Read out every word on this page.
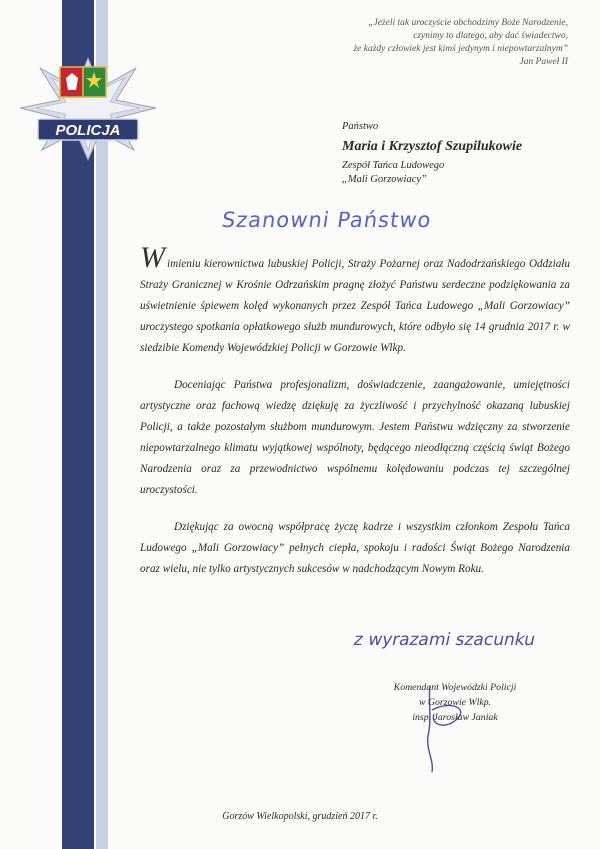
POLICJA
„Jeżeli tak uroczyście obchodzimy Boże Narodzenie,
czynimy to dlatego, aby dać świadectwo,
że każdy człowiek jest kimś jedynym i niepowtarzalnym”
Jan Paweł II
Państwo
Maria i Krzysztof Szupilukowie
Zespół Tańca Ludowego
„Mali Gorzowiacy”
Szanowni Państwo

Wimieniu kierownictwa lubuskiej Policji, Straży Pożarnej oraz Nadodrzańskiego Oddziału Straży Granicznej w Krośnie Odrzańskim pragnę złożyć Państwu serdeczne podziękowania za uświetnienie śpiewem kolęd wykonanych przez Zespół Tańca Ludowego „Mali Gorzowiacy” uroczystego spotkania opłatkowego służb mundurowych, które odbyło się 14 grudnia 2017 r. w siedzibie Komendy Wojewódzkiej Policji w Gorzowie Wlkp.

Doceniając Państwa profesjonalizm, doświadczenie, zaangażowanie, umiejętności artystyczne oraz fachową wiedzę dziękuję za życzliwość i przychylność okazaną lubuskiej Policji, a także pozostałym służbom mundurowym. Jestem Państwu wdzięczny za stworzenie niepowtarzalnego klimatu wyjątkowej wspólnoty, będącego nieodłączną częścią świąt Bożego Narodzenia oraz za przewodnictwo wspólnemu kolędowaniu podczas tej szczególnej uroczystości.

Dziękując za owocną współpracę życzę kadrze i wszystkim członkom Zespołu Tańca Ludowego „Mali Gorzowiacy” pełnych ciepła, spokoju i radości Świąt Bożego Narodzenia oraz wielu, nie tylko artystycznych sukcesów w nadchodzącym Nowym Roku.

z wyrazami szacunku
Komendant Wojewódzki Policji
w Gorzowie Wlkp.
insp. Jarosław Janiak
Gorzów Wielkopolski, grudzień 2017 r.
